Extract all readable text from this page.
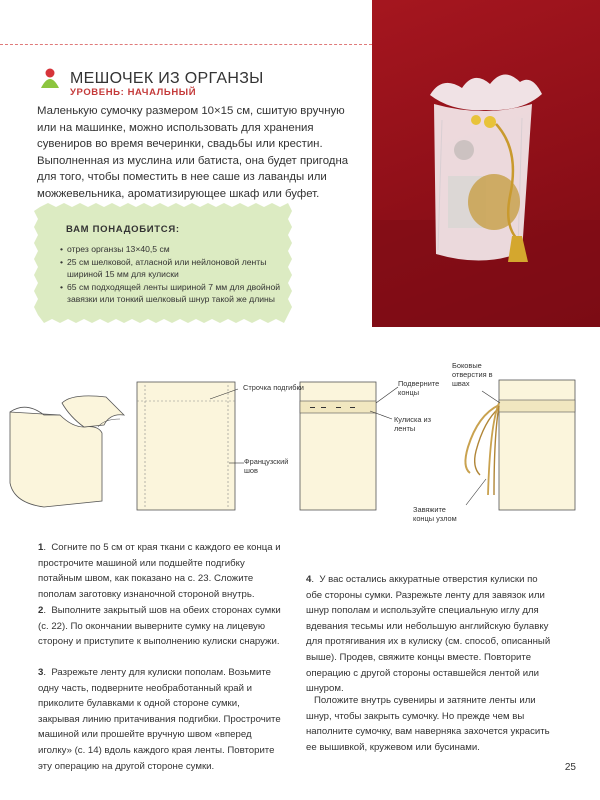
МЕШОЧЕК ИЗ ОРГАНЗЫ
УРОВЕНЬ: НАЧАЛЬНЫЙ

Маленькую сумочку размером 10×15 см, сшитую вручную или на машинке, можно использовать для хранения сувениров во время вечеринки, свадьбы или крестин. Выполненная из муслина или батиста, она будет пригодна для того, чтобы поместить в нее саше из лаванды или можжевельника, ароматизирующее шкаф или буфет.

ВАМ ПОНАДОБИТСЯ:
• отрез органзы 13×40,5 см
• 25 см шелковой, атласной или нейлоновой ленты шириной 15 мм для кулиски
• 65 см подходящей ленты шириной 7 мм для двойной завязки или тонкий шелковый шнур такой же длины
Строчка подгибки
Французский шов
Подверните концы
Кулиска из ленты
Боковые отверстия в швах
Завяжите концы узлом

1.  Согните по 5 см от края ткани с каждого ее конца и прострочите машиной или подшейте подгибку потайным швом, как показано на с. 23. Сложите пополам заготовку изнаночной стороной внутрь.

2.  Выполните закрытый шов на обеих сторонах сумки (с. 22). По окончании выверните сумку на лицевую сторону и приступите к выполнению кулиски снаружи.

3.  Разрежьте ленту для кулиски пополам. Возьмите одну часть, подверните необработанный край и приколите булавками к одной стороне сумки, закрывая линию притачивания подгибки. Прострочите машиной или прошейте вручную швом «вперед иголку» (с. 14) вдоль каждого края ленты. Повторите эту операцию на другой стороне сумки.

4.  У вас остались аккуратные отверстия кулиски по обе стороны сумки. Разрежьте ленту для завязок или шнур пополам и используйте специальную иглу для вдевания тесьмы или небольшую английскую булавку для протягивания их в кулиску (см. способ, описанный выше). Продев, свяжите концы вместе. Повторите операцию с другой стороны оставшейся лентой или шнуром.

Положите внутрь сувениры и затяните ленты или шнур, чтобы закрыть сумочку. Но прежде чем вы наполните сумочку, вам наверняка захочется украсить ее вышивкой, кружевом или бусинами.

25
